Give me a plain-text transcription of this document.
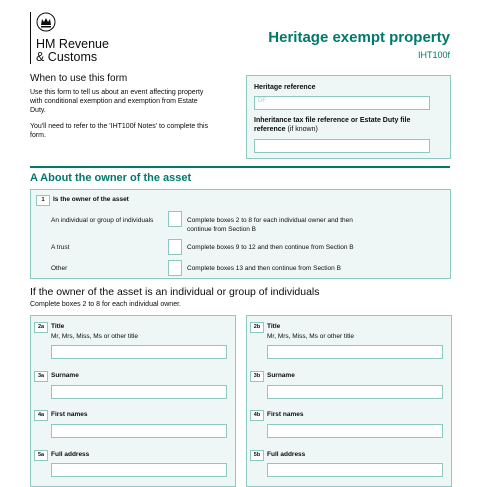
HM Revenue
& Customs
Heritage exempt property
IHT100f
When to use this form
Use this form to tell us about an event affecting property with conditional exemption and exemption from Estate Duty.
You'll need to refer to the 'IHT100f Notes' to complete this form.
Heritage reference
DF
Inheritance tax file reference or Estate Duty file reference (if known)
A About the owner of the asset
1	Is the owner of the asset
An individual or group of individuals	Complete boxes 2 to 8 for each individual owner and then continue from Section B
A trust	Complete boxes 9 to 12 and then continue from Section B
Other	Complete boxes 13 and then continue from Section B
If the owner of the asset is an individual or group of individuals
Complete boxes 2 to 8 for each individual owner.
2a	Title
Mr, Mrs, Miss, Ms or other title
3a	Surname
4a	First names
5a	Full address
2b	Title
Mr, Mrs, Miss, Ms or other title
3b	Surname
4b	First names
5b	Full address
